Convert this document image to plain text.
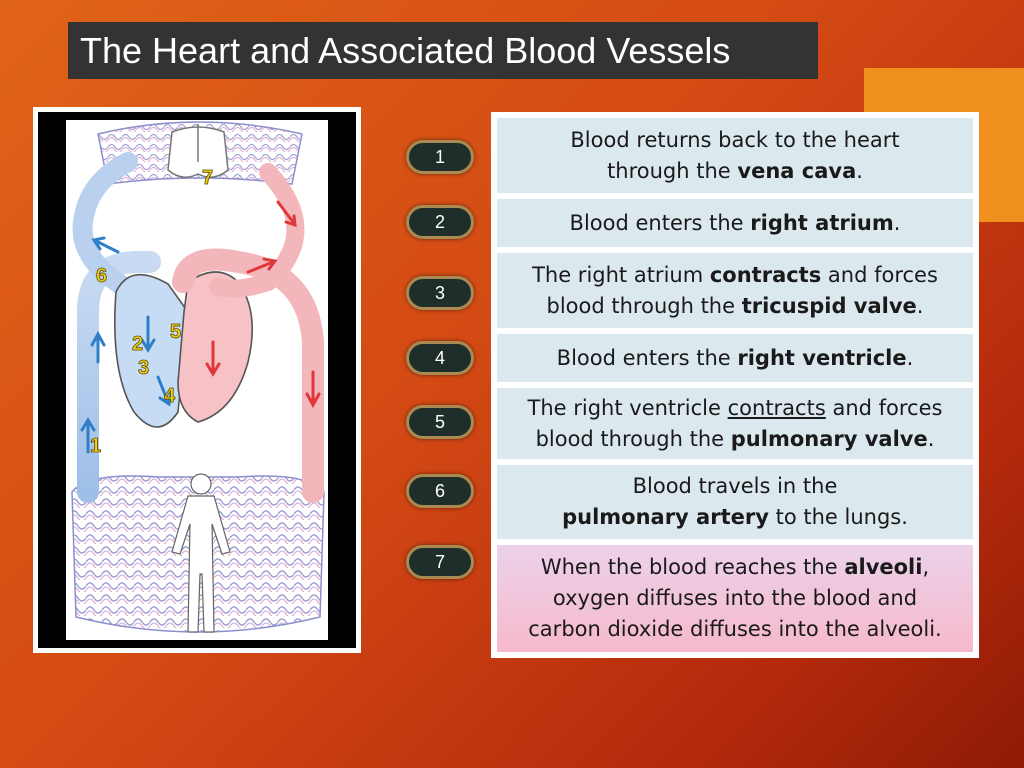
The Heart and Associated Blood Vessels
1
2
3
4
5
6
7
1
2
3
4
5
6
7
Blood returns back to the heart
through the vena cava.
Blood enters the right atrium.
The right atrium contracts and forces
blood through the tricuspid valve.
Blood enters the right ventricle.
The right ventricle contracts and forces
blood through the pulmonary valve.
Blood travels in the
pulmonary artery to the lungs.
When the blood reaches the alveoli,
oxygen diffuses into the blood and
carbon dioxide diffuses into the alveoli.
